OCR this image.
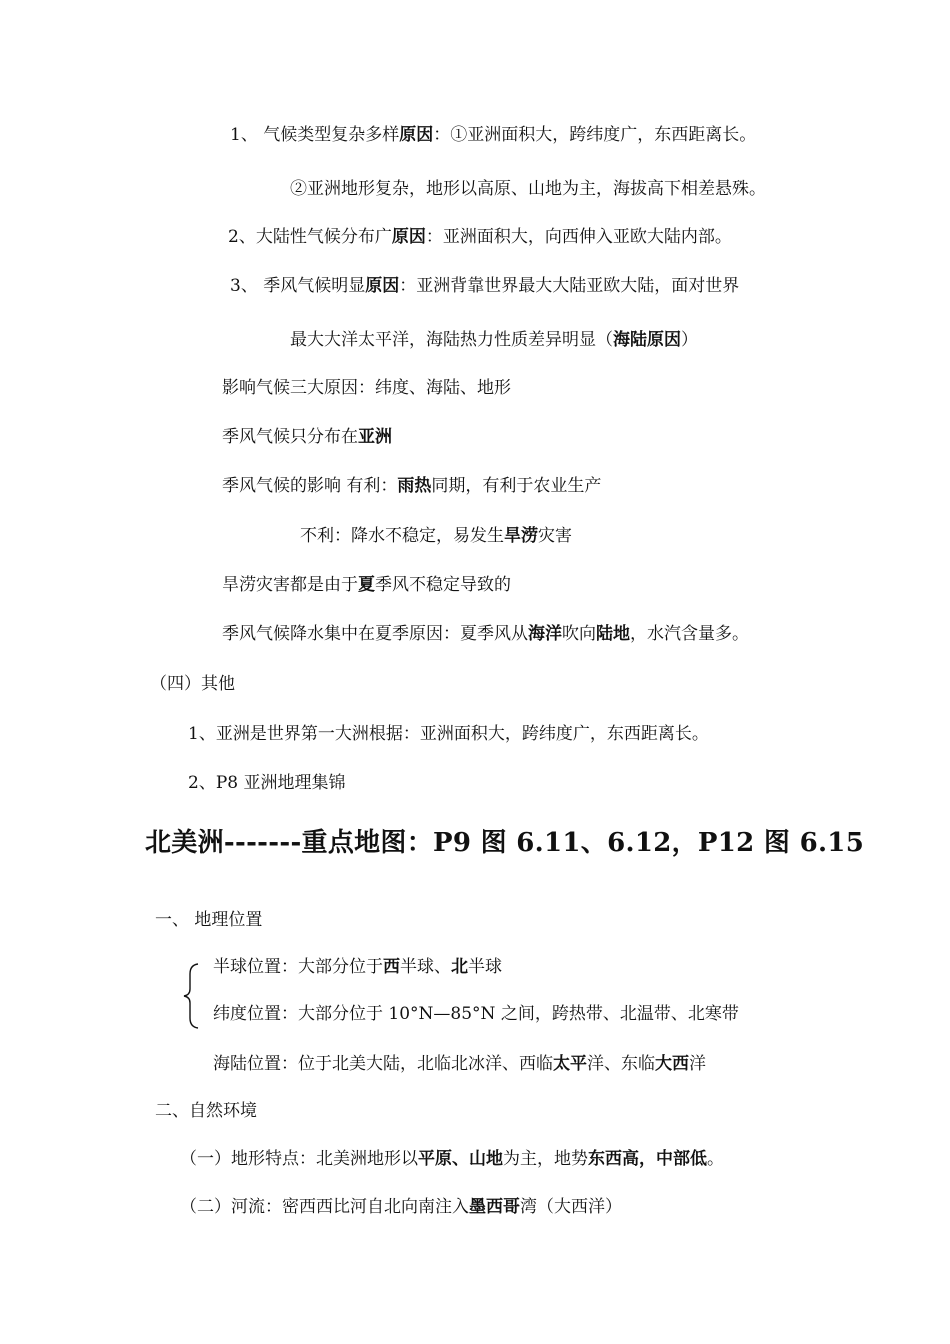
1、 气候类型复杂多样原因：①亚洲面积大，跨纬度广，东西距离长。
②亚洲地形复杂，地形以高原、山地为主，海拔高下相差悬殊。
2、大陆性气候分布广原因：亚洲面积大，向西伸入亚欧大陆内部。
3、 季风气候明显原因：亚洲背靠世界最大大陆亚欧大陆，面对世界
最大大洋太平洋，海陆热力性质差异明显（海陆原因）
影响气候三大原因：纬度、海陆、地形
季风气候只分布在亚洲
季风气候的影响 有利：雨热同期，有利于农业生产
不利：降水不稳定，易发生旱涝灾害
旱涝灾害都是由于夏季风不稳定导致的
季风气候降水集中在夏季原因：夏季风从海洋吹向陆地，水汽含量多。
（四）其他
1、亚洲是世界第一大洲根据：亚洲面积大，跨纬度广，东西距离长。
2、P8 亚洲地理集锦
北美洲-------重点地图：P9 图 6.11、6.12，P12 图 6.15
一、 地理位置
半球位置：大部分位于西半球、北半球
纬度位置：大部分位于 10°N—85°N 之间，跨热带、北温带、北寒带
海陆位置：位于北美大陆，北临北冰洋、西临太平洋、东临大西洋
二、自然环境
（一）地形特点：北美洲地形以平原、山地为主，地势东西高，中部低。
（二）河流：密西西比河自北向南注入墨西哥湾（大西洋）
